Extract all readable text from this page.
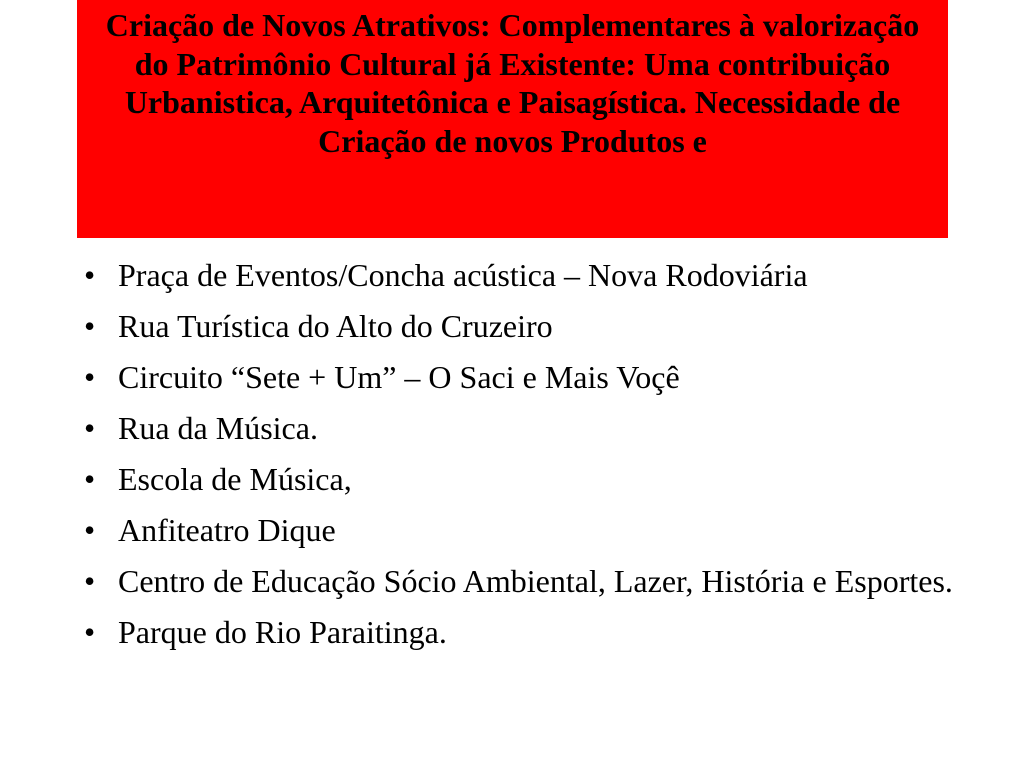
Criação de Novos Atrativos: Complementares à valorização do Patrimônio Cultural já Existente: Uma contribuição Urbanistica, Arquitetônica e Paisagística. Necessidade de Criação de novos Produtos e
• Praça de Eventos/Concha acústica – Nova Rodoviária
• Rua Turística do Alto do Cruzeiro
• Circuito “Sete + Um” – O Saci e Mais Voçê
• Rua da Música.
• Escola de Música,
• Anfiteatro Dique
• Centro de Educação Sócio Ambiental, Lazer, História e Esportes.
• Parque do Rio Paraitinga.
